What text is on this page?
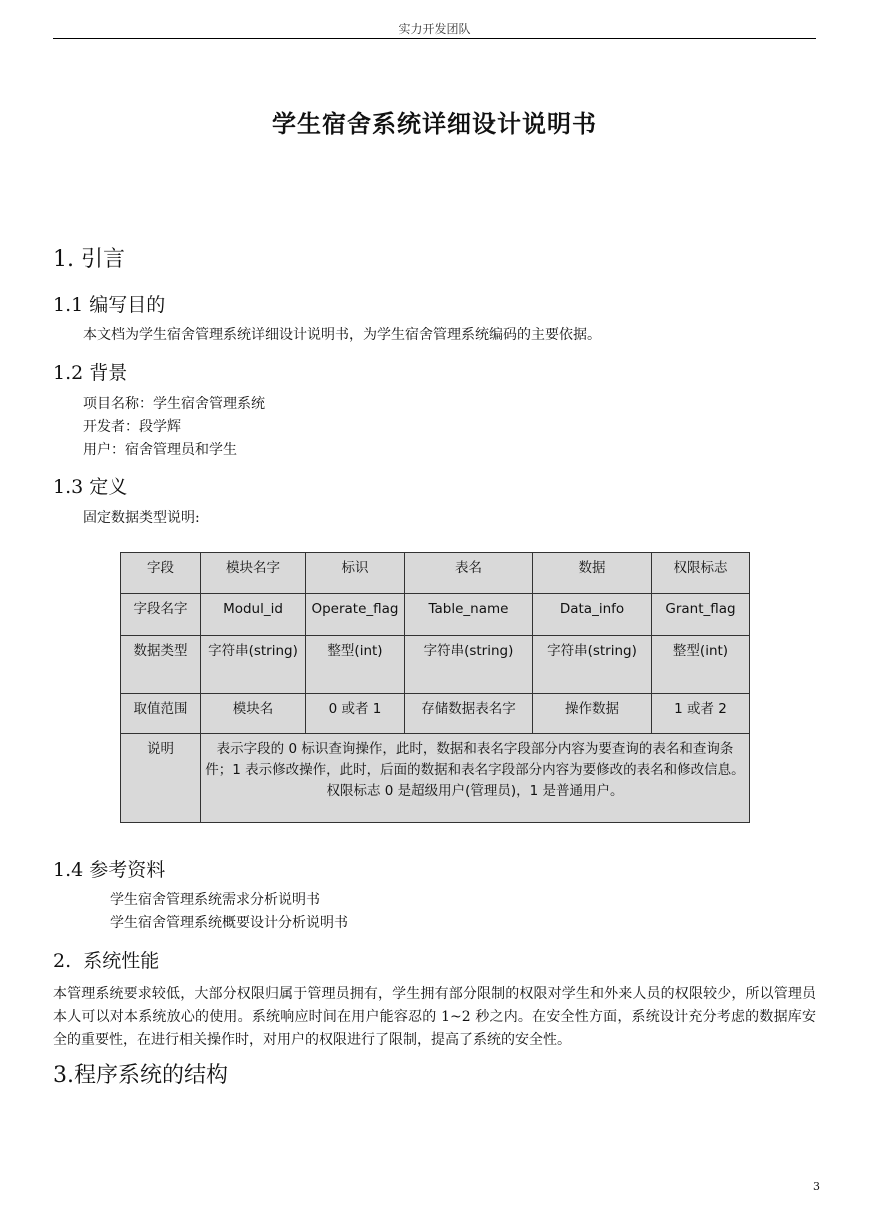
实力开发团队
学生宿舍系统详细设计说明书
1. 引言
1.1 编写目的
本文档为学生宿舍管理系统详细设计说明书，为学生宿舍管理系统编码的主要依据。
1.2 背景
项目名称：学生宿舍管理系统
开发者：段学辉
用户：宿舍管理员和学生
1.3 定义
固定数据类型说明:
字段	模块名字	标识	表名	数据	权限标志
字段名字	Modul_id	Operate_flag	Table_name	Data_info	Grant_flag
数据类型	字符串(string)	整型(int)	字符串(string)	字符串(string)	整型(int)
取值范围	模块名	0 或者 1	存储数据表名字	操作数据	1 或者 2
说明	表示字段的 0 标识查询操作，此时，数据和表名字段部分内容为要查询的表名和查询条件；1 表示修改操作，此时，后面的数据和表名字段部分内容为要修改的表名和修改信息。权限标志 0 是超级用户(管理员)，1 是普通用户。				
1.4 参考资料
学生宿舍管理系统需求分析说明书
学生宿舍管理系统概要设计分析说明书
2.  系统性能
本管理系统要求较低，大部分权限归属于管理员拥有，学生拥有部分限制的权限对学生和外来人员的权限较少，所以管理员本人可以对本系统放心的使用。系统响应时间在用户能容忍的 1~2 秒之内。在安全性方面，系统设计充分考虑的数据库安全的重要性，在进行相关操作时，对用户的权限进行了限制，提高了系统的安全性。
3.程序系统的结构
3
